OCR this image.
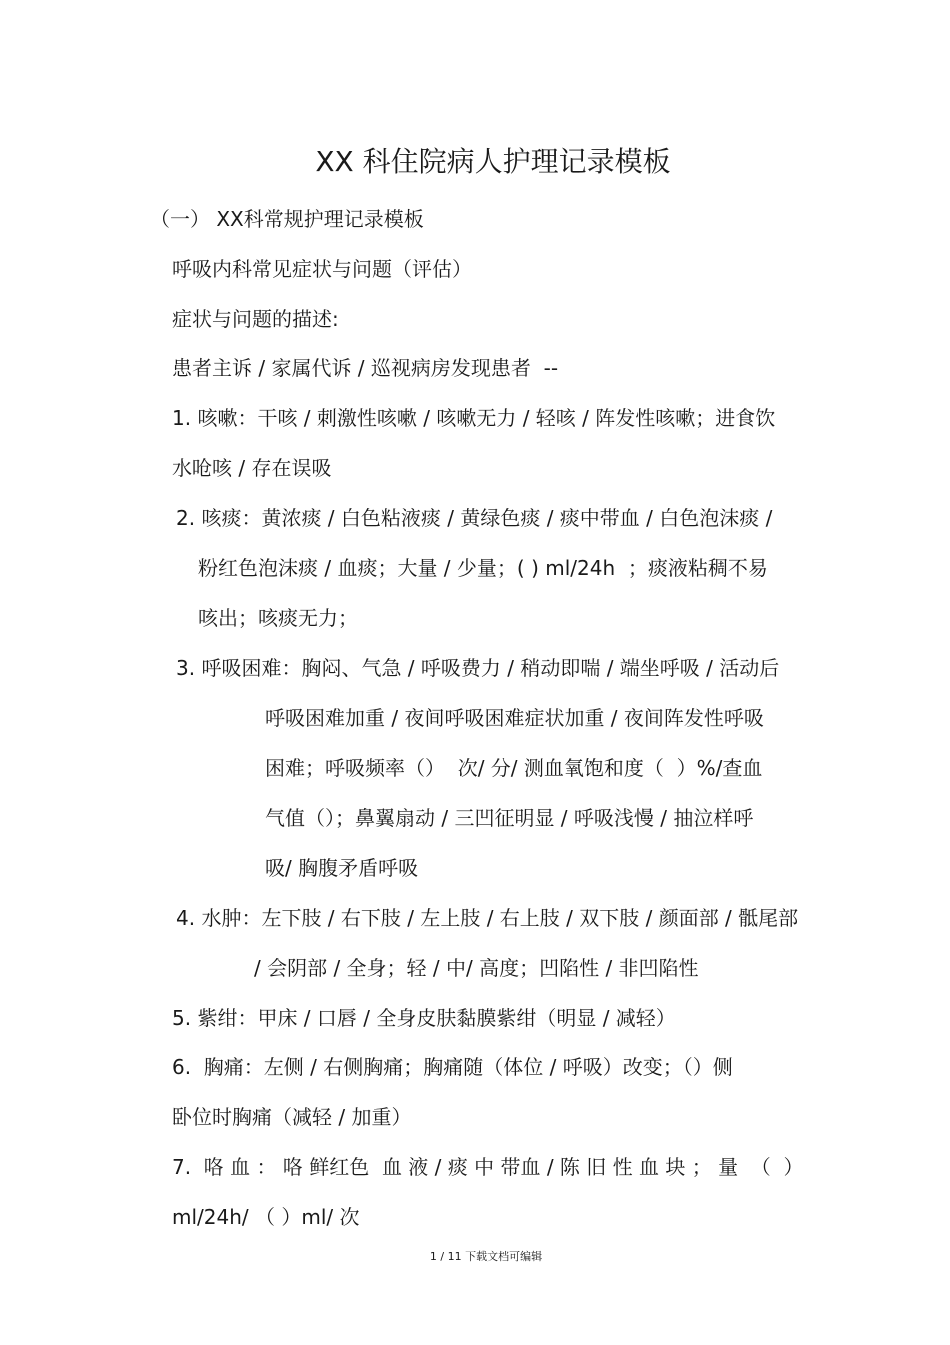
XX 科住院病人护理记录模板
（一） XX科常规护理记录模板
呼吸内科常见症状与问题（评估）
症状与问题的描述:
患者主诉 / 家属代诉 / 巡视病房发现患者  --
1. 咳嗽：干咳 / 刺激性咳嗽 / 咳嗽无力 / 轻咳 / 阵发性咳嗽；进食饮
水呛咳 / 存在误吸
2. 咳痰：黄浓痰 / 白色粘液痰 / 黄绿色痰 / 痰中带血 / 白色泡沫痰 /
粉红色泡沫痰 / 血痰；大量 / 少量；( ) ml/24h  ；痰液粘稠不易
咳出；咳痰无力；
3. 呼吸困难：胸闷、气急 / 呼吸费力 / 稍动即喘 / 端坐呼吸 / 活动后
呼吸困难加重 / 夜间呼吸困难症状加重 / 夜间阵发性呼吸
困难；呼吸频率（）  次/ 分/ 测血氧饱和度（  ）%/查血
气值（）；鼻翼扇动 / 三凹征明显 / 呼吸浅慢 / 抽泣样呼
吸/ 胸腹矛盾呼吸
4. 水肿：左下肢 / 右下肢 / 左上肢 / 右上肢 / 双下肢 / 颜面部 / 骶尾部
/ 会阴部 / 全身；轻 / 中/ 高度；凹陷性 / 非凹陷性
5. 紫绀：甲床 / 口唇 / 全身皮肤黏膜紫绀（明显 / 减轻）
6.  胸痛：左侧 / 右侧胸痛；胸痛随（体位 / 呼吸）改变；（）侧
卧位时胸痛（减轻 / 加重）
7.  咯 血 ： 咯 鲜红色  血 液 / 痰 中 带血 / 陈 旧 性 血 块 ； 量  （  ）
ml/24h/ （ ）ml/ 次
1 / 11 下载文档可编辑
